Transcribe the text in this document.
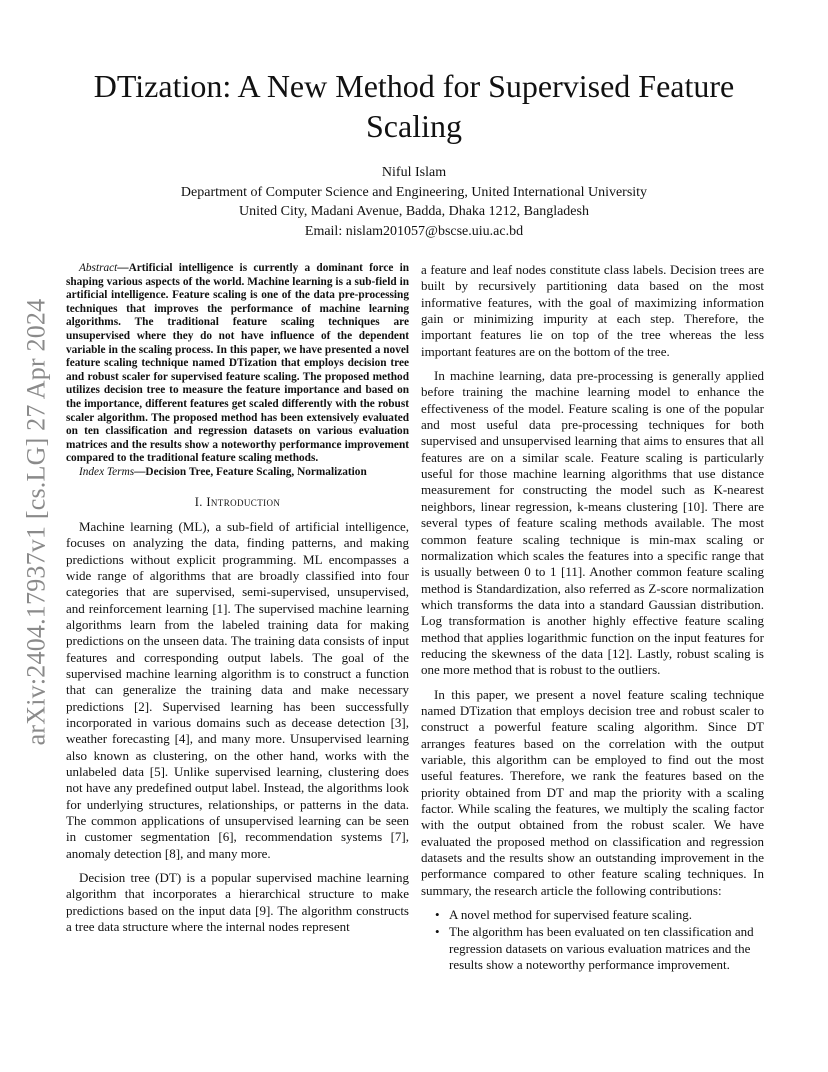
arXiv:2404.17937v1 [cs.LG] 27 Apr 2024
DTization: A New Method for Supervised Feature Scaling
Niful Islam
Department of Computer Science and Engineering, United International University
United City, Madani Avenue, Badda, Dhaka 1212, Bangladesh
Email: nislam201057@bscse.uiu.ac.bd
Abstract—Artificial intelligence is currently a dominant force in shaping various aspects of the world. Machine learning is a sub-field in artificial intelligence. Feature scaling is one of the data pre-processing techniques that improves the performance of machine learning algorithms. The traditional feature scaling techniques are unsupervised where they do not have influence of the dependent variable in the scaling process. In this paper, we have presented a novel feature scaling technique named DTization that employs decision tree and robust scaler for supervised feature scaling. The proposed method utilizes decision tree to measure the feature importance and based on the importance, different features get scaled differently with the robust scaler algorithm. The proposed method has been extensively evaluated on ten classification and regression datasets on various evaluation matrices and the results show a noteworthy performance improvement compared to the traditional feature scaling methods.
Index Terms—Decision Tree, Feature Scaling, Normalization
I. Introduction

Machine learning (ML), a sub-field of artificial intelligence, focuses on analyzing the data, finding patterns, and making predictions without explicit programming. ML encompasses a wide range of algorithms that are broadly classified into four categories that are supervised, semi-supervised, unsupervised, and reinforcement learning [1]. The supervised machine learning algorithms learn from the labeled training data for making predictions on the unseen data. The training data consists of input features and corresponding output labels. The goal of the supervised machine learning algorithm is to construct a function that can generalize the training data and make necessary predictions [2]. Supervised learning has been successfully incorporated in various domains such as decease detection [3], weather forecasting [4], and many more. Unsupervised learning also known as clustering, on the other hand, works with the unlabeled data [5]. Unlike supervised learning, clustering does not have any predefined output label. Instead, the algorithms look for underlying structures, relationships, or patterns in the data. The common applications of unsupervised learning can be seen in customer segmentation [6], recommendation systems [7], anomaly detection [8], and many more.

Decision tree (DT) is a popular supervised machine learning algorithm that incorporates a hierarchical structure to make predictions based on the input data [9]. The algorithm constructs a tree data structure where the internal nodes represent

a feature and leaf nodes constitute class labels. Decision trees are built by recursively partitioning data based on the most informative features, with the goal of maximizing information gain or minimizing impurity at each step. Therefore, the important features lie on top of the tree whereas the less important features are on the bottom of the tree.

In machine learning, data pre-processing is generally applied before training the machine learning model to enhance the effectiveness of the model. Feature scaling is one of the popular and most useful data pre-processing techniques for both supervised and unsupervised learning that aims to ensures that all features are on a similar scale. Feature scaling is particularly useful for those machine learning algorithms that use distance measurement for constructing the model such as K-nearest neighbors, linear regression, k-means clustering [10]. There are several types of feature scaling methods available. The most common feature scaling technique is min-max scaling or normalization which scales the features into a specific range that is usually between 0 to 1 [11]. Another common feature scaling method is Standardization, also referred as Z-score normalization which transforms the data into a standard Gaussian distribution. Log transformation is another highly effective feature scaling method that applies logarithmic function on the input features for reducing the skewness of the data [12]. Lastly, robust scaling is one more method that is robust to the outliers.

In this paper, we present a novel feature scaling technique named DTization that employs decision tree and robust scaler to construct a powerful feature scaling algorithm. Since DT arranges features based on the correlation with the output variable, this algorithm can be employed to find out the most useful features. Therefore, we rank the features based on the priority obtained from DT and map the priority with a scaling factor. While scaling the features, we multiply the scaling factor with the output obtained from the robust scaler. We have evaluated the proposed method on classification and regression datasets and the results show an outstanding improvement in the performance compared to other feature scaling techniques. In summary, the research article the following contributions:

• A novel method for supervised feature scaling.
• The algorithm has been evaluated on ten classification and regression datasets on various evaluation matrices and the results show a noteworthy performance improvement.
